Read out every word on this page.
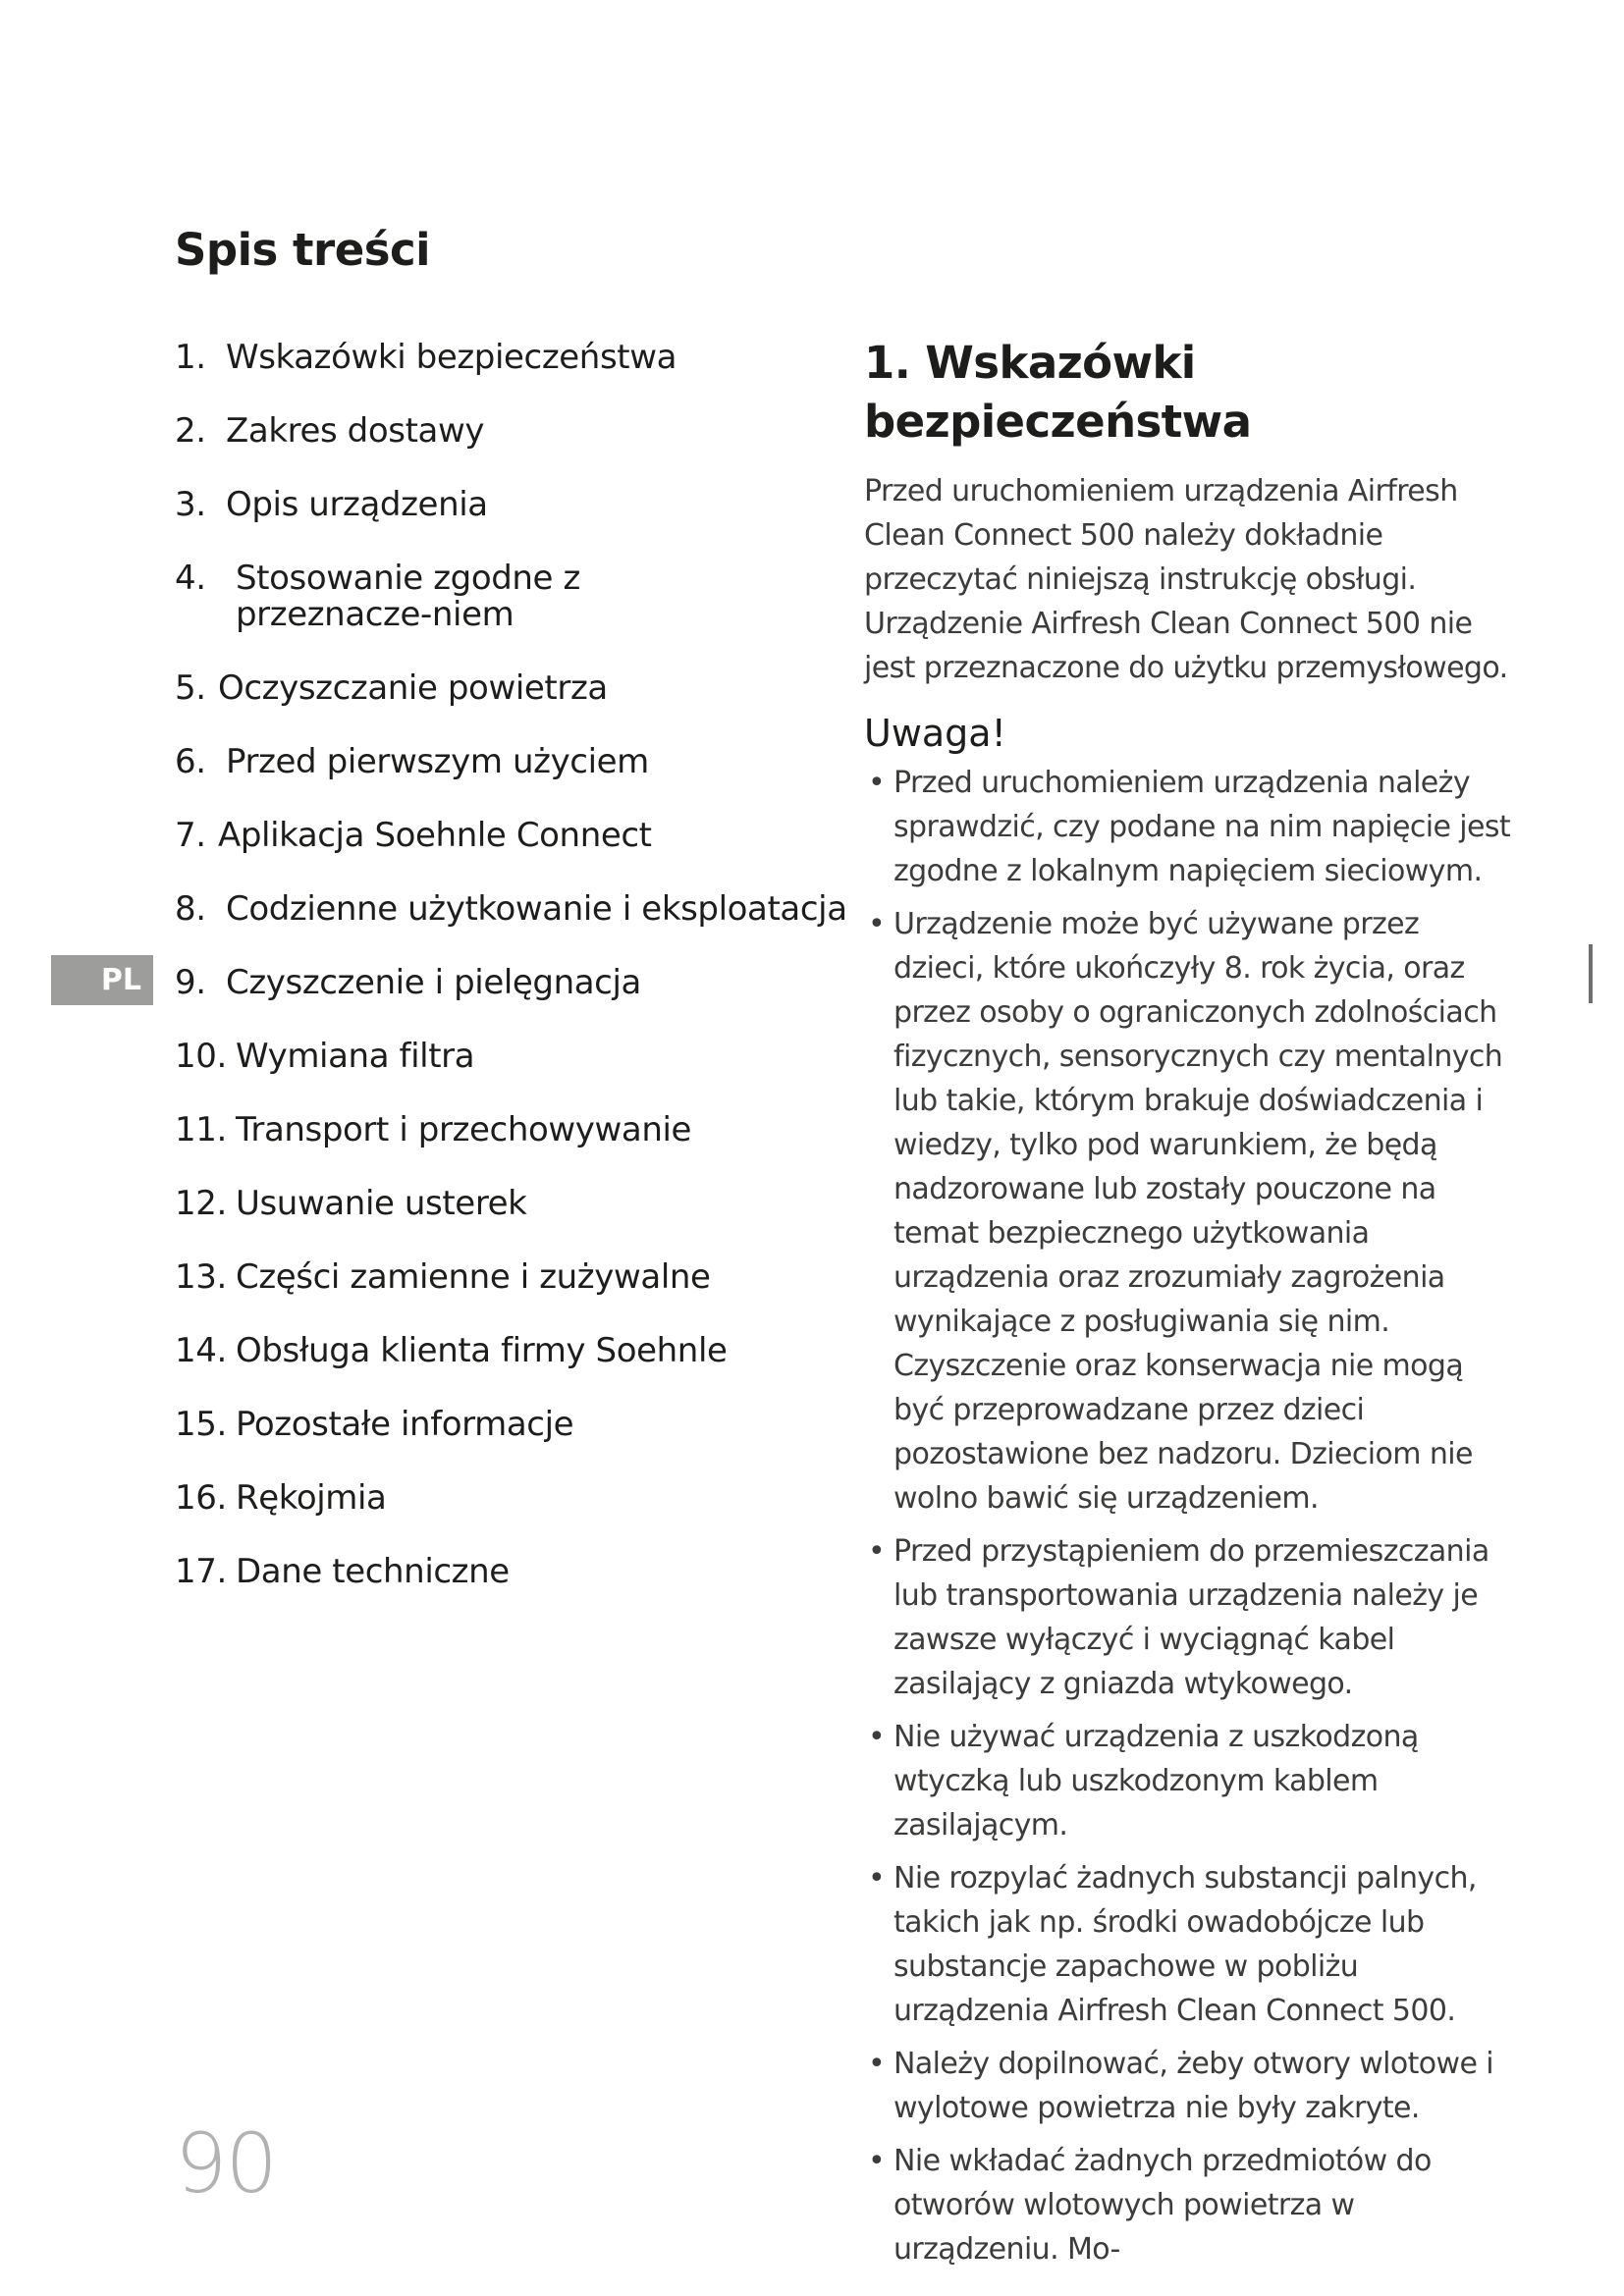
Spis treści
1. Wskazówki bezpieczeństwa
2. Zakres dostawy
3. Opis urządzenia
4. Stosowanie zgodne z przeznacze-niem
5. Oczyszczanie powietrza
6. Przed pierwszym użyciem
7. Aplikacja Soehnle Connect
8. Codzienne użytkowanie i eksploatacja
9. Czyszczenie i pielęgnacja
10. Wymiana filtra
11. Transport i przechowywanie
12. Usuwanie usterek
13. Części zamienne i zużywalne
14. Obsługa klienta firmy Soehnle
15. Pozostałe informacje
16. Rękojmia
17. Dane techniczne
PL
1. Wskazówki bezpieczeństwa

Przed uruchomieniem urządzenia Airfresh Clean Connect 500 należy dokładnie przeczytać niniejszą instrukcję obsługi. Urządzenie Airfresh Clean Connect 500 nie jest przeznaczone do użytku przemysłowego.

Uwaga!
• Przed uruchomieniem urządzenia należy sprawdzić, czy podane na nim napięcie jest zgodne z lokalnym napięciem sieciowym.
• Urządzenie może być używane przez dzieci, które ukończyły 8. rok życia, oraz przez osoby o ograniczonych zdolnościach fizycznych, sensorycznych czy mentalnych lub takie, którym brakuje doświadczenia i wiedzy, tylko pod warunkiem, że będą nadzorowane lub zostały pouczone na temat bezpiecznego użytkowania urządzenia oraz zrozumiały zagrożenia wynikające z posługiwania się nim. Czyszczenie oraz konserwacja nie mogą być przeprowadzane przez dzieci pozostawione bez nadzoru. Dzieciom nie wolno bawić się urządzeniem.
• Przed przystąpieniem do przemieszczania lub transportowania urządzenia należy je zawsze wyłączyć i wyciągnąć kabel zasilający z gniazda wtykowego.
• Nie używać urządzenia z uszkodzoną wtyczką lub uszkodzonym kablem zasilającym.
• Nie rozpylać żadnych substancji palnych, takich jak np. środki owadobójcze lub substancje zapachowe w pobliżu urządzenia Airfresh Clean Connect 500.
• Należy dopilnować, żeby otwory wlotowe i wylotowe powietrza nie były zakryte.
• Nie wkładać żadnych przedmiotów do otworów wlotowych powietrza w urządzeniu. Mo-
90
